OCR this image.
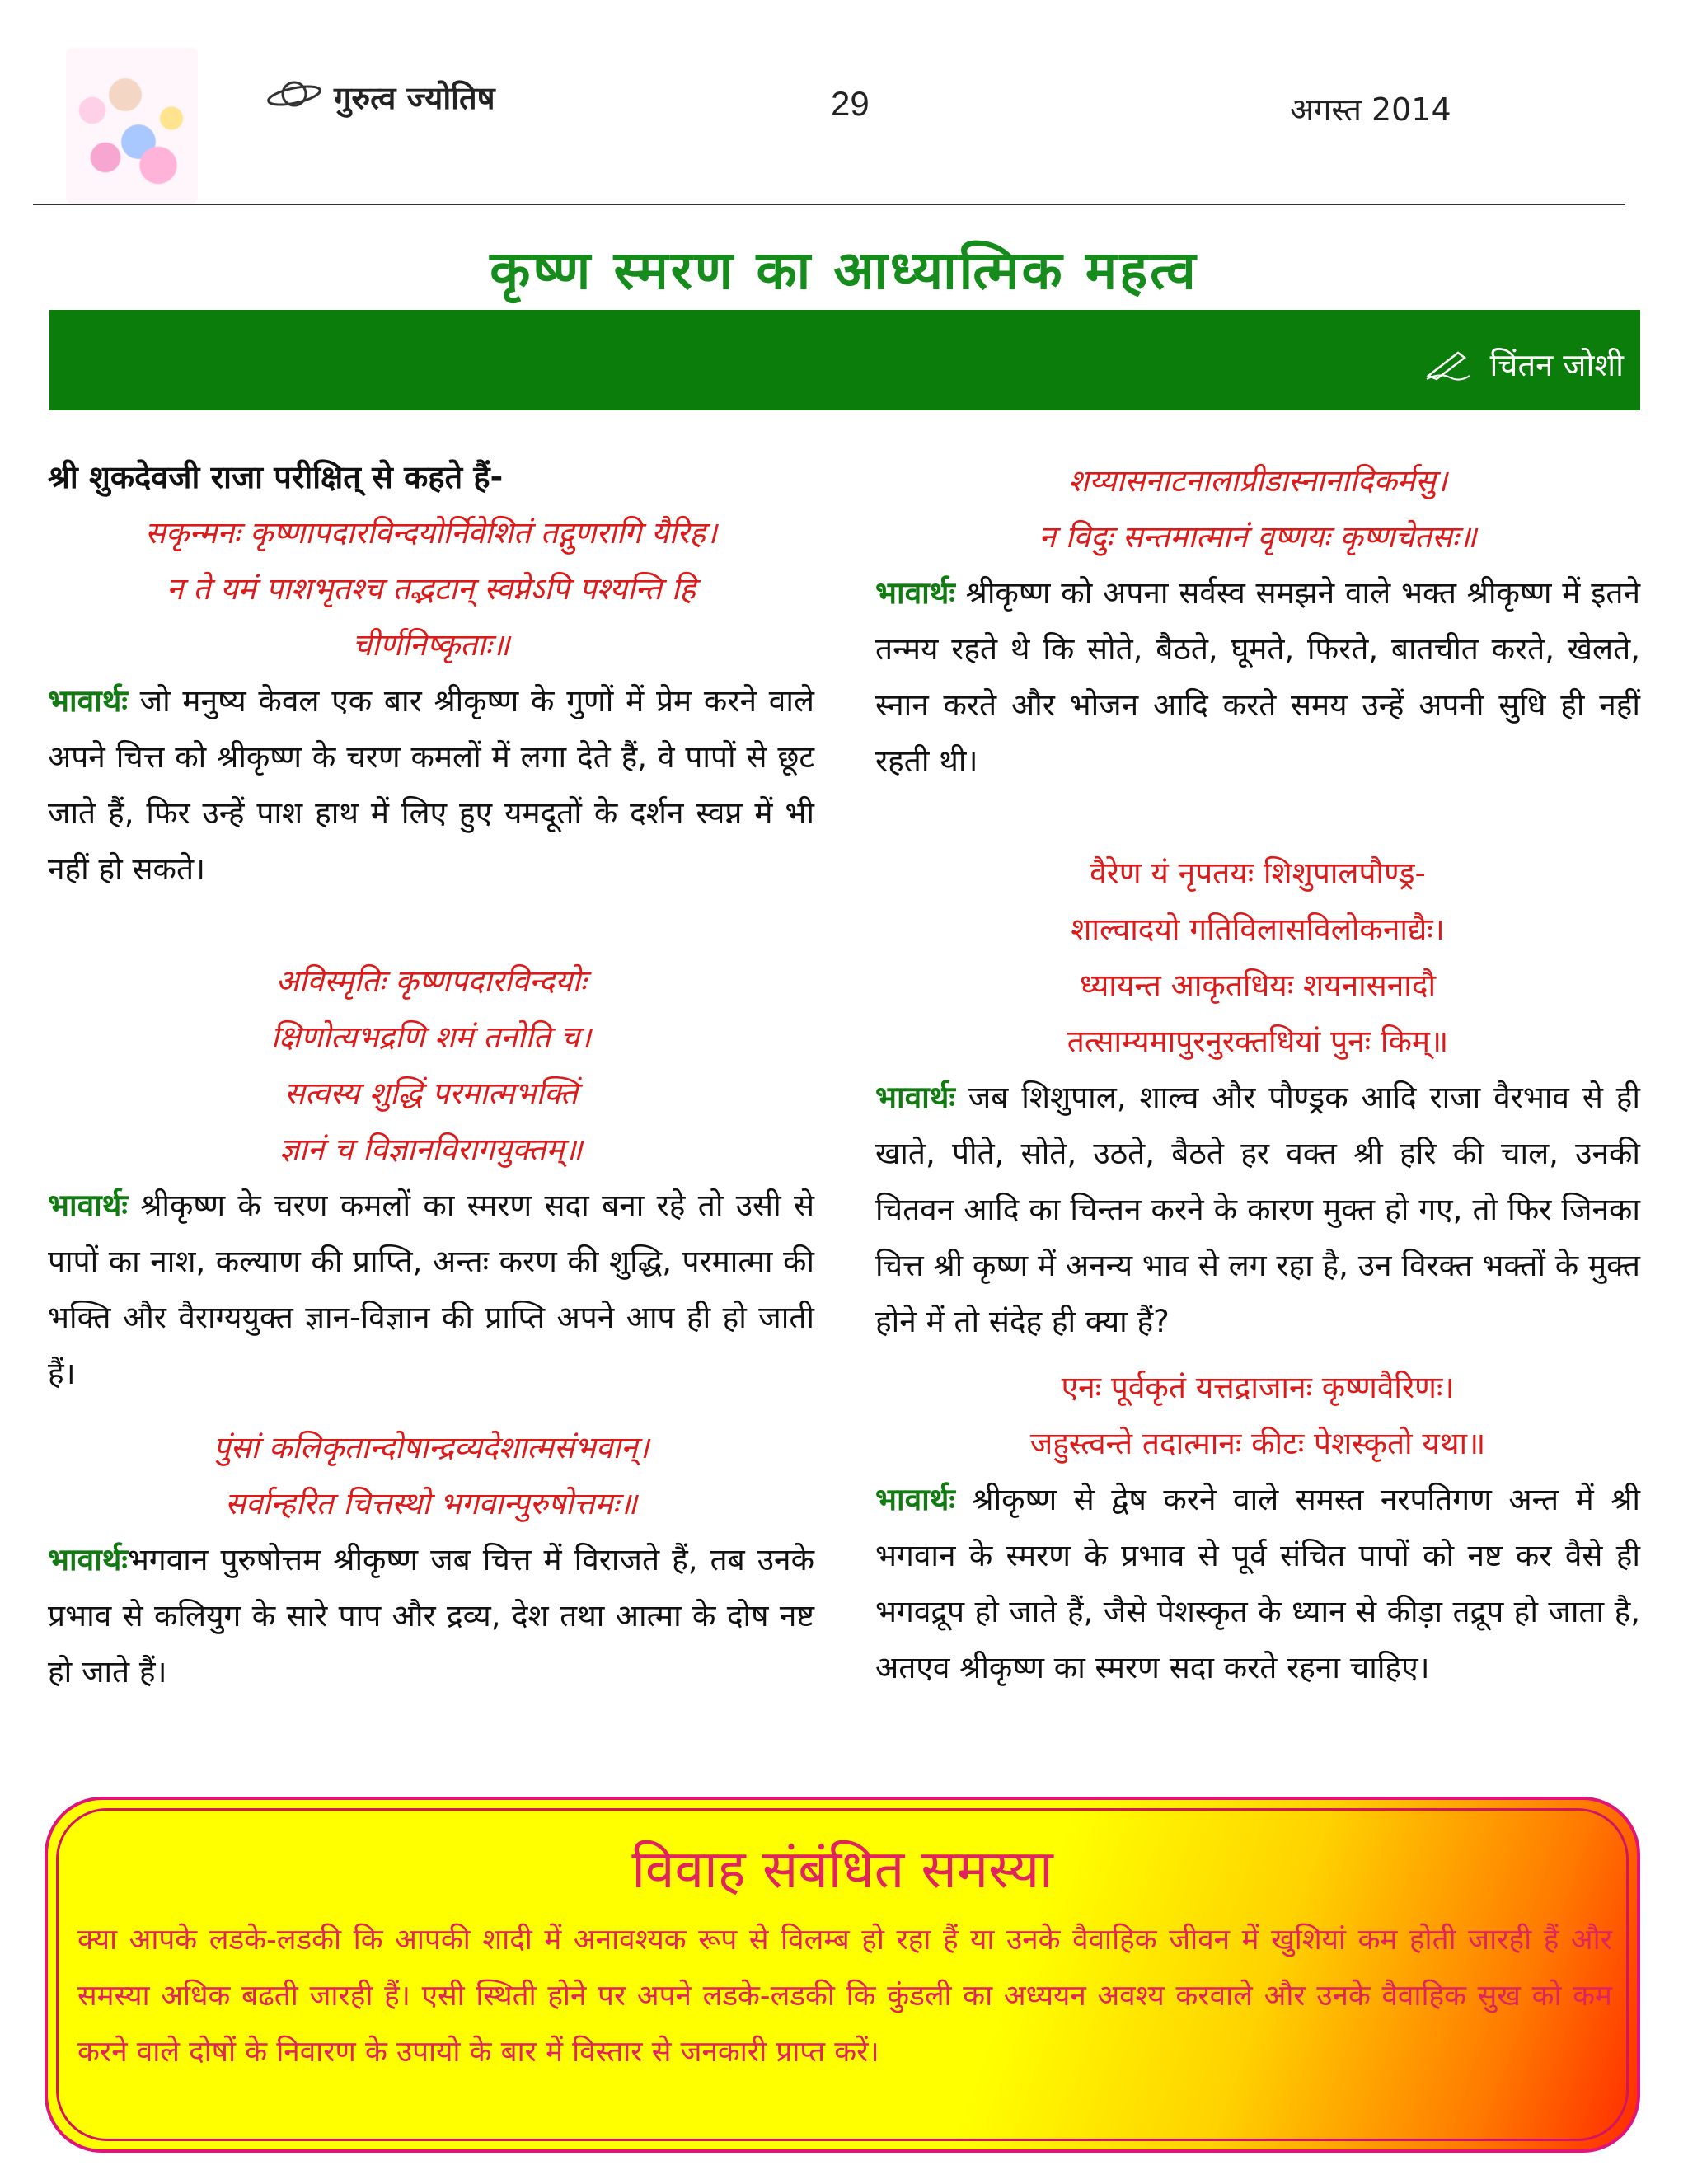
गुरुत्व ज्योतिष	29	अगस्त 2014
कृष्ण स्मरण का आध्यात्मिक महत्व
चिंतन जोशी

श्री शुकदेवजी राजा परीक्षित् से कहते हैं-

सकृन्मनः कृष्णापदारविन्दयोर्निवेशितं तद्गुणरागि यैरिह।

न ते यमं पाशभृतश्च तद्भटान् स्वप्नेऽपि पश्यन्ति हि

चीर्णनिष्कृताः॥

भावार्थः जो मनुष्य केवल एक बार श्रीकृष्ण के गुणों में प्रेम करने वाले अपने चित्त को श्रीकृष्ण के चरण कमलों में लगा देते हैं, वे पापों से छूट जाते हैं, फिर उन्हें पाश हाथ में लिए हुए यमदूतों के दर्शन स्वप्न में भी नहीं हो सकते।

अविस्मृतिः कृष्णपदारविन्दयोः

क्षिणोत्यभद्रणि शमं तनोति च।

सत्वस्य शुद्धिं परमात्मभक्तिं

ज्ञानं च विज्ञानविरागयुक्तम्॥

भावार्थः श्रीकृष्ण के चरण कमलों का स्मरण सदा बना रहे तो उसी से पापों का नाश, कल्याण की प्राप्ति, अन्तः करण की शुद्धि, परमात्मा की भक्ति और वैराग्ययुक्त ज्ञान-विज्ञान की प्राप्ति अपने आप ही हो जाती हैं।

पुंसां कलिकृतान्दोषान्द्रव्यदेशात्मसंभवान्।

सर्वान्हरित चित्तस्थो भगवान्पुरुषोत्तमः॥

भावार्थःभगवान पुरुषोत्तम श्रीकृष्ण जब चित्त में विराजते हैं, तब उनके प्रभाव से कलियुग के सारे पाप और द्रव्य, देश तथा आत्मा के दोष नष्ट हो जाते हैं।

शय्यासनाटनालाप्रीडास्नानादिकर्मसु।

न विदुः सन्तमात्मानं वृष्णयः कृष्णचेतसः॥

भावार्थः श्रीकृष्ण को अपना सर्वस्व समझने वाले भक्त श्रीकृष्ण में इतने तन्मय रहते थे कि सोते, बैठते, घूमते, फिरते, बातचीत करते, खेलते, स्नान करते और भोजन आदि करते समय उन्हें अपनी सुधि ही नहीं रहती थी।

वैरेण यं नृपतयः शिशुपालपौण्ड्र-

शाल्वादयो गतिविलासविलोकनाद्यैः।

ध्यायन्त आकृतधियः शयनासनादौ

तत्साम्यमापुरनुरक्तधियां पुनः किम्॥

भावार्थः जब शिशुपाल, शाल्व और पौण्ड्रक आदि राजा वैरभाव से ही खाते, पीते, सोते, उठते, बैठते हर वक्त श्री हरि की चाल, उनकी चितवन आदि का चिन्तन करने के कारण मुक्त हो गए, तो फिर जिनका चित्त श्री कृष्ण में अनन्य भाव से लग रहा है, उन विरक्त भक्तों के मुक्त होने में तो संदेह ही क्या हैं?

एनः पूर्वकृतं यत्तद्राजानः कृष्णवैरिणः।

जहुस्त्वन्ते तदात्मानः कीटः पेशस्कृतो यथा॥

भावार्थः श्रीकृष्ण से द्वेष करने वाले समस्त नरपतिगण अन्त में श्री भगवान के स्मरण के प्रभाव से पूर्व संचित पापों को नष्ट कर वैसे ही भगवद्रूप हो जाते हैं, जैसे पेशस्कृत के ध्यान से कीड़ा तद्रूप हो जाता है, अतएव श्रीकृष्ण का स्मरण सदा करते रहना चाहिए।

विवाह संबंधित समस्या

क्या आपके लडके-लडकी कि आपकी शादी में अनावश्यक रूप से विलम्ब हो रहा हैं या उनके वैवाहिक जीवन में खुशियां कम होती जारही हैं और समस्या अधिक बढती जारही हैं। एसी स्थिती होने पर अपने लडके-लडकी कि कुंडली का अध्ययन अवश्य करवाले और उनके वैवाहिक सुख को कम करने वाले दोषों के निवारण के उपायो के बार में विस्तार से जनकारी प्राप्त करें।
